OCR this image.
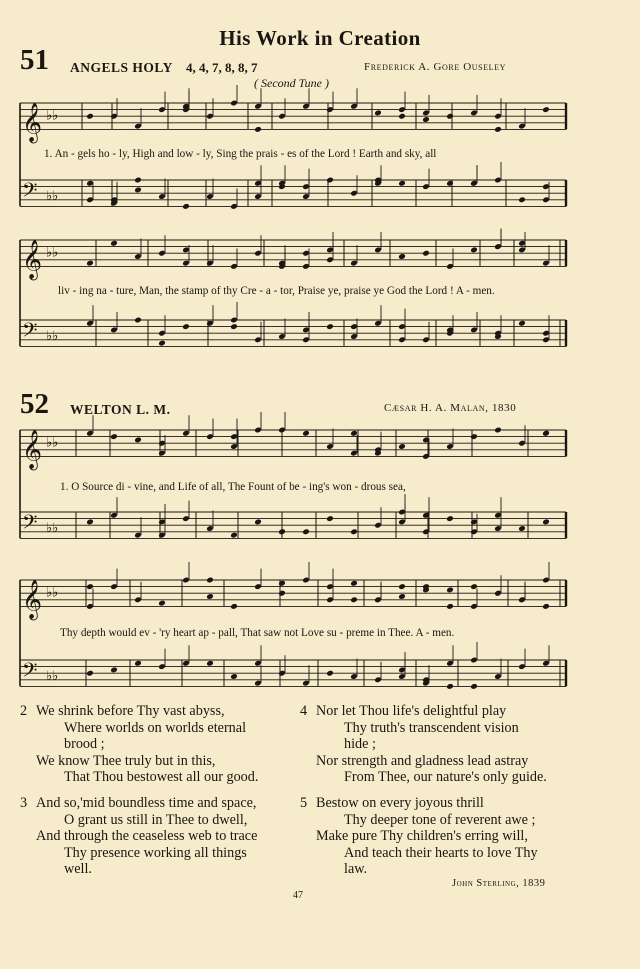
𝄞 ♭♭
𝄢 ♭♭
𝄞 ♭♭
𝄢 ♭♭
𝄞 ♭♭
𝄢 ♭♭
𝄞 ♭♭
𝄢 ♭♭
His Work in Creation
51 ANGELS HOLY 4, 4, 7, 8, 8, 7	Frederick A. Gore Ouseley
( Second Tune )
1. An - gels ho - ly, High and low - ly, Sing the prais - es of the Lord ! Earth and sky, all
liv - ing na - ture, Man, the stamp of thy Cre - a - tor, Praise ye, praise ye God the Lord ! A - men.
52 WELTON L. M.	Cæsar H. A. Malan, 1830
1. O Source di - vine, and Life of all, The Fount of be - ing's won - drous sea,
Thy depth would ev - 'ry heart ap - pall, That saw not Love su - preme in Thee. A - men.
2 We shrink before Thy vast abyss,
Where worlds on worlds eternal
brood ;
We know Thee truly but in this,
That Thou bestowest all our good.
3 And so,'mid boundless time and space,
O grant us still in Thee to dwell,
And through the ceaseless web to trace
Thy presence working all things
well.
4 Nor let Thou life's delightful play
Thy truth's transcendent vision
hide ;
Nor strength and gladness lead astray
From Thee, our nature's only guide.
5 Bestow on every joyous thrill
Thy deeper tone of reverent awe ;
Make pure Thy children's erring will,
And teach their hearts to love Thy
law.
John Sterling, 1839
47
